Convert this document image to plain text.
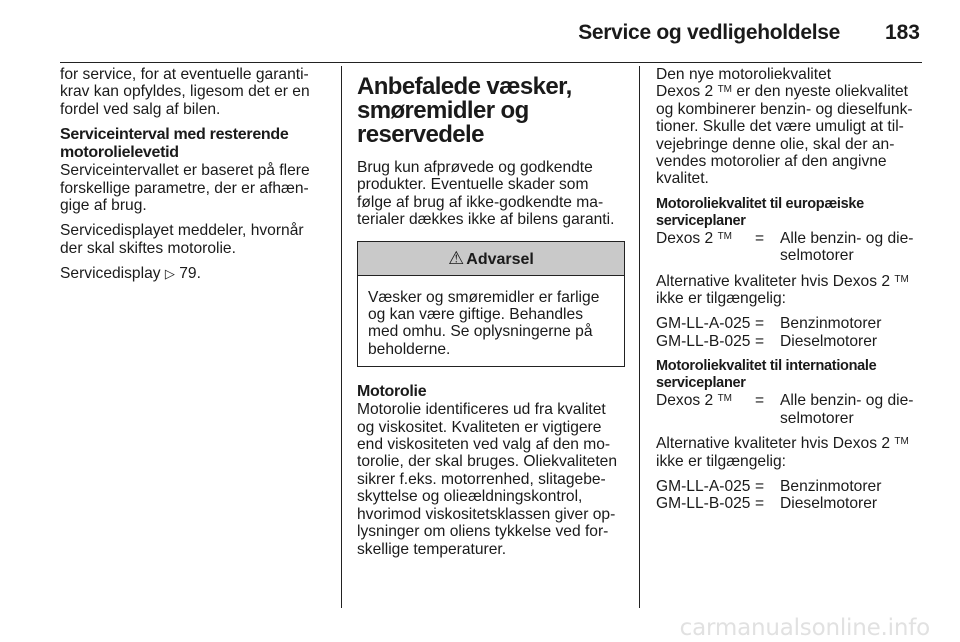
Service og vedligeholdelse 183

for service, for at eventuelle garanti-krav kan opfyldes, ligesom det er en fordel ved salg af bilen.

Serviceinterval med resterende motorolielevetid

Serviceintervallet er baseret på flere forskellige parametre, der er afhæn-gige af brug.

Servicedisplayet meddeler, hvornår der skal skiftes motorolie.

Servicedisplay ▷ 79.

Anbefalede væsker, smøremidler og reservedele

Brug kun afprøvede og godkendte produkter. Eventuelle skader som følge af brug af ikke-godkendte ma-terialer dækkes ikke af bilens garanti.

⚠ Advarsel
Væsker og smøremidler er farlige og kan være giftige. Behandles med omhu. Se oplysningerne på beholderne.
Motorolie

Motorolie identificeres ud fra kvalitet og viskositet. Kvaliteten er vigtigere end viskositeten ved valg af den mo-torolie, der skal bruges. Oliekvaliteten sikrer f.eks. motorrenhed, slitagebe-skyttelse og olieældningskontrol, hvorimod viskositetsklassen giver op-lysninger om oliens tykkelse ved for-skellige temperaturer.

Den nye motoroliekvalitet
Dexos 2 ™ er den nyeste oliekvalitet og kombinerer benzin- og dieselfunk-tioner. Skulle det være umuligt at til-vejebringe denne olie, skal der an-vendes motorolier af den angivne kvalitet.

Motoroliekvalitet til europæiske serviceplaner
Dexos 2 ™	=	Alle benzin- og die-selmotorer

Alternative kvaliteter hvis Dexos 2 ™
ikke er tilgængelig:

GM-LL-A-025	=	Benzinmotorer
GM-LL-B-025	=	Dieselmotorer
Motoroliekvalitet til internationale serviceplaner
Dexos 2 ™	=	Alle benzin- og die-selmotorer

Alternative kvaliteter hvis Dexos 2 ™
ikke er tilgængelig:

GM-LL-A-025	=	Benzinmotorer
GM-LL-B-025	=	Dieselmotorer
carmanualsonline.info
